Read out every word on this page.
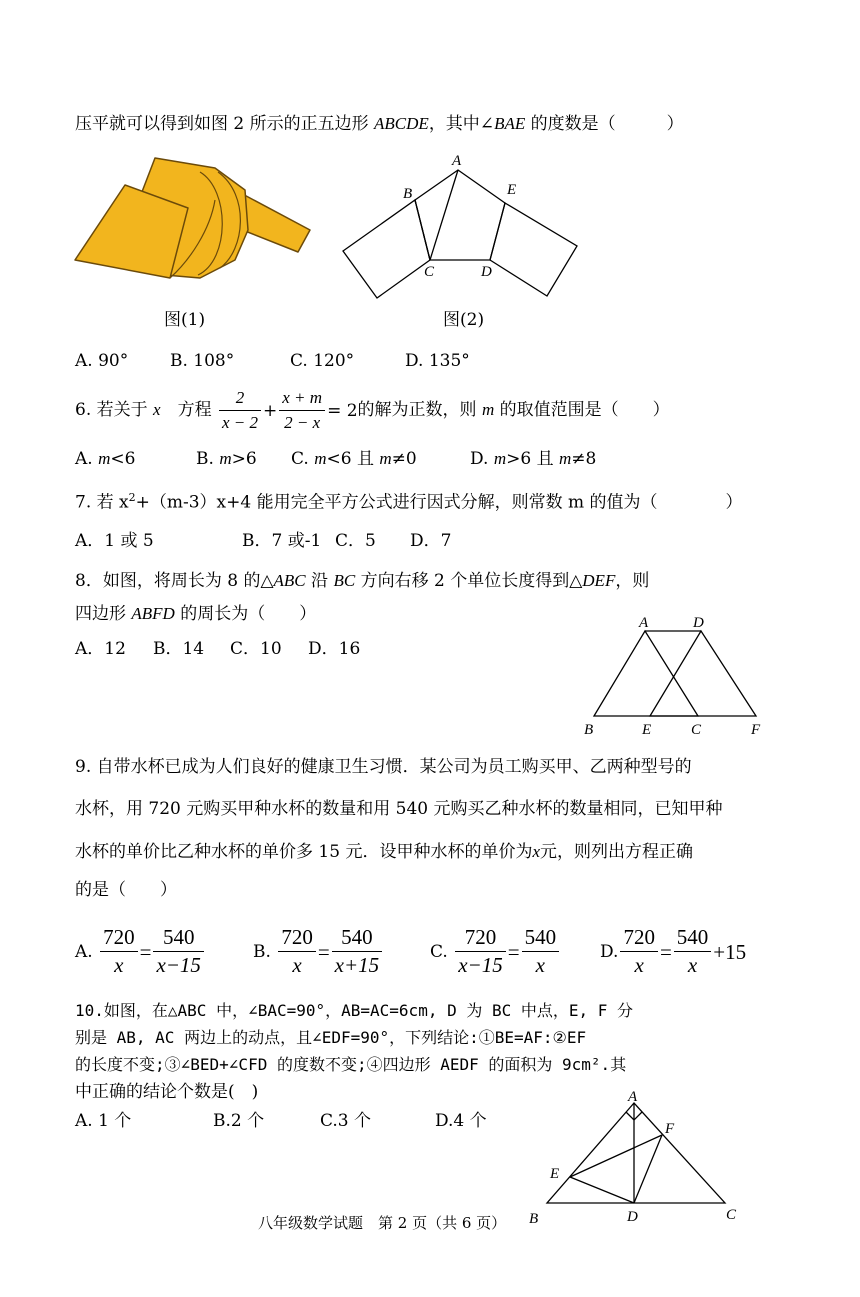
压平就可以得到如图 2 所示的正五边形 ABCDE，其中∠BAE 的度数是（　　　）
图(1)
A
B	E
C	D
图(2)
A. 90° B. 108°	C. 120°	D. 135°
6. 若关于 x　方程 $\frac{2}{x - 2} + \frac{x + m}{2 - x} = 2$的解为正数，则 m 的取值范围是（　　）
A. m<6	B. m>6 C. m<6 且 m≠0	D. m>6 且 m≠8
7. 若 $x^2+(m-3)x+4$ 能用完全平方公式进行因式分解，则常数 m 的值为（　　　　）
A．1 或 5	B．7 或-1 C．5 D．7
8．如图，将周长为 8 的△ABC 沿 BC 方向右移 2 个单位长度得到△DEF，则
四边形 ABFD 的周长为（　　）
A．12 B．14 C．10 D．16
A	D
B	E	C	F
9. 自带水杯已成为人们良好的健康卫生习惯．某公司为员工购买甲、乙两种型号的
水杯，用 720 元购买甲种水杯的数量和用 540 元购买乙种水杯的数量相同，已知甲种
水杯的单价比乙种水杯的单价多 15 元．设甲种水杯的单价为x元，则列出方程正确
的是（　　）
A. $\frac{720}{x} = \frac{540}{x-15}$	B. $\frac{720}{x} = \frac{540}{x+15}$	C. $\frac{720}{x-15} = \frac{540}{x} D$. $\frac{720}{x} = \frac{540}{x} +15$
10.如图，在△ABC 中，∠BAC=90°，AB=AC=6cm, D 为 BC 中点，E, F 分
别是 AB, AC 两边上的动点，且∠EDF=90°，下列结论:①BE=AF:②EF
的长度不变;③∠BED+∠CFD 的度数不变;④四边形 AEDF 的面积为 9cm².其
中正确的结论个数是(　)
A. 1 个	B.2 个	C.3 个	D.4 个
A
F
E
B	D	C
八年级数学试题　第 2 页（共 6 页）
